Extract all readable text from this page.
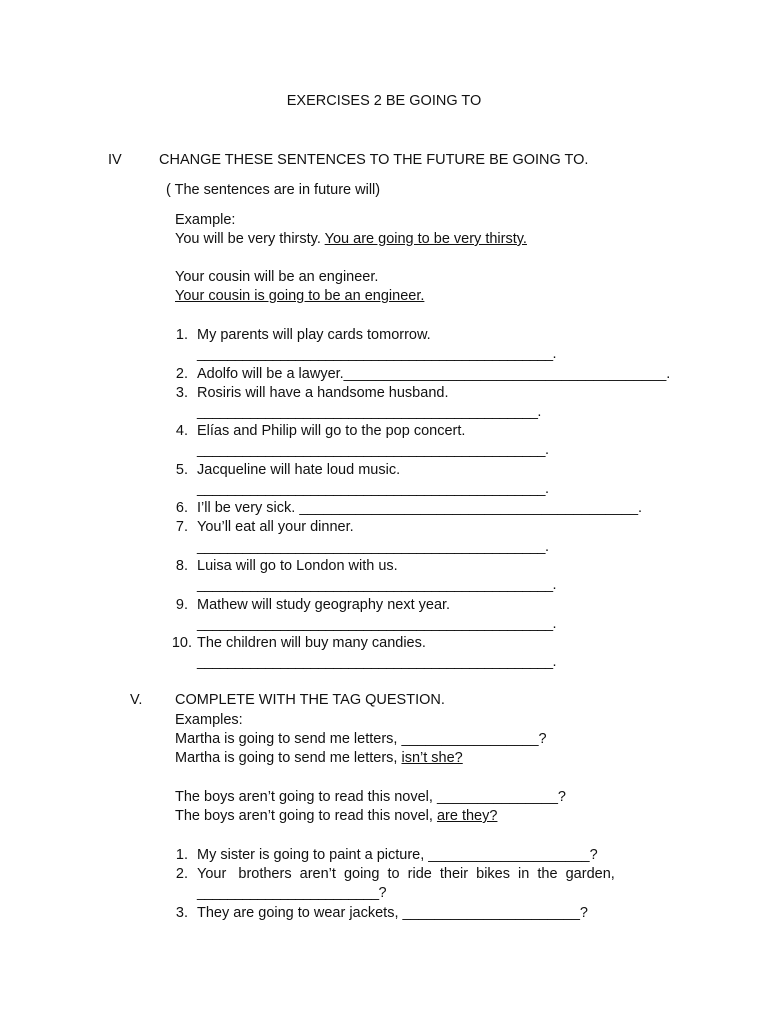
EXERCISES 2 BE GOING TO
IV	CHANGE THESE SENTENCES TO THE FUTURE BE GOING TO.
( The sentences are in future will)
Example:
You will be very thirsty. You are going to be very thirsty.
Your cousin will be an engineer.
Your cousin is going to be an engineer.
1. My parents will play cards tomorrow.
_______________________________________________.
2. Adolfo will be a lawyer.________________________________________.
3. Rosiris will have a handsome husband.
_____________________________________________.
4. Elías and Philip will go to the pop concert.
______________________________________________.
5. Jacqueline will hate loud music.
______________________________________________.
6. I’ll be very sick. __________________________________________.
7. You’ll eat all your dinner.
______________________________________________.
8. Luisa will go to London with us.
_______________________________________________.
9. Mathew will study geography next year.
_______________________________________________.
10. The children will buy many candies.
_______________________________________________.
V. COMPLETE WITH THE TAG QUESTION.
Examples:
Martha is going to send me letters, _________________?
Martha is going to send me letters, isn’t she?
The boys aren’t going to read this novel, _______________?
The boys aren’t going to read this novel, are they?
1. My sister is going to paint a picture, ____________________?
2. Your   brothers  aren’t  going  to  ride  their  bikes  in  the  garden,
________________________?
3. They are going to wear jackets, ______________________?
